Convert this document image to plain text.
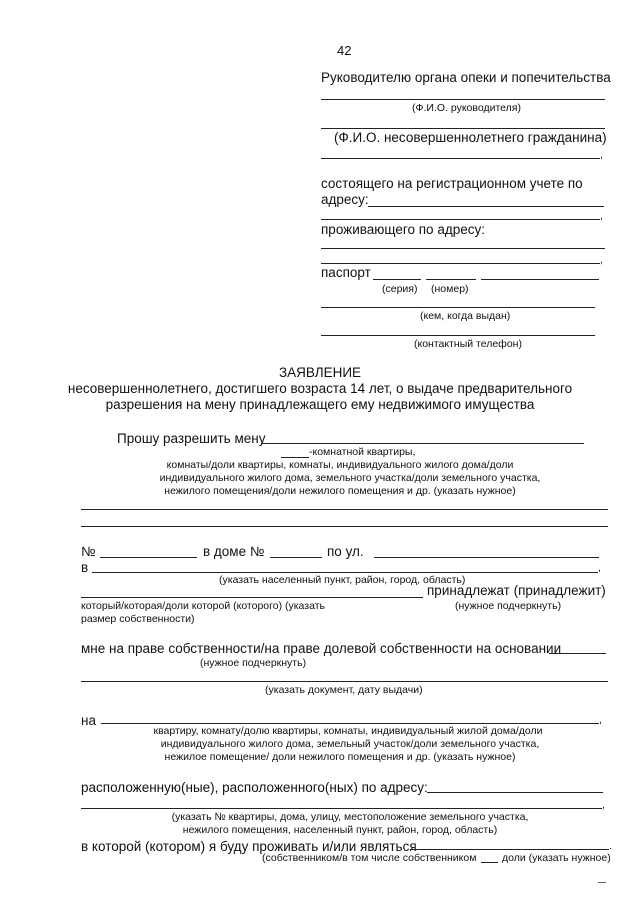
42
Руководителю органа опеки и попечительства
(Ф.И.О. руководителя)
(Ф.И.О. несовершеннолетнего гражданина)
,
состоящего на регистрационном учете по
адресу:
,
проживающего по адресу:
,
паспорт
(серия) (номер)
(кем, когда выдан)
(контактный телефон)
ЗАЯВЛЕНИЕ
несовершеннолетнего, достигшего возраста 14 лет, о выдаче предварительного
разрешения на мену принадлежащего ему недвижимого имущества
Прошу разрешить мену
-комнатной квартиры,
комнаты/доли квартиры, комнаты, индивидуального жилого дома/доли
индивидуального жилого дома, земельного участка/доли земельного участка,
нежилого помещения/доли нежилого помещения и др. (указать нужное)
№	в доме №	по ул.
в	,
(указать населенный пункт, район, город, область)
принадлежат (принадлежит)
который/которая/доли которой (которого) (указать	(нужное подчеркнуть)
размер собственности)
мне на праве собственности/на праве долевой собственности на основании
(нужное подчеркнуть)
(указать документ, дату выдачи)
на	,
квартиру, комнату/долю квартиры, комнаты, индивидуальный жилой дома/доли
индивидуального жилого дома, земельный участок/доли земельного участка,
нежилое помещение/ доли нежилого помещения и др. (указать нужное)
расположенную(ные), расположенного(ных) по адресу:
,
(указать № квартиры, дома, улицу, местоположение земельного участка,
нежилого помещения, населенный пункт, район, город, область)
в которой (котором) я буду проживать и/или являться	.
(собственником/в том числе собственником доли (указать нужное)
